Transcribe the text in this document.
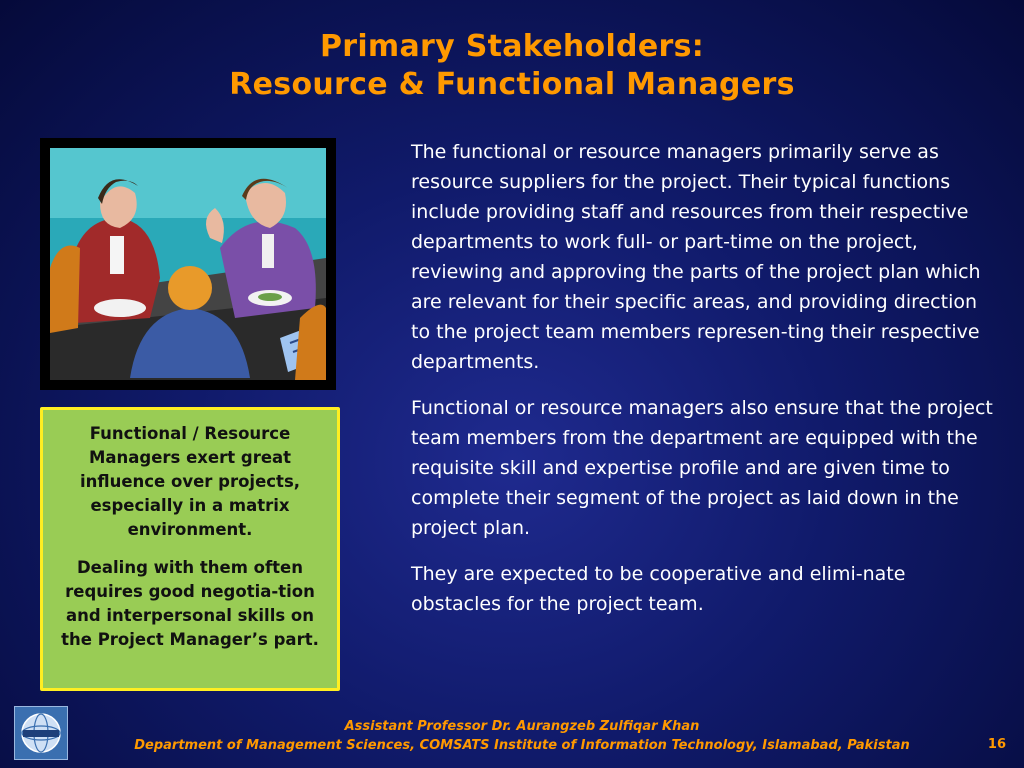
Primary Stakeholders:
Resource & Functional Managers

Functional / Resource Managers exert great influence over projects, especially in a matrix environment.

Dealing with them often requires good negotia-tion and interpersonal skills on the Project Manager’s part.

The functional or resource managers primarily serve as resource suppliers for the project. Their typical functions include providing staff and resources from their respective departments to work full- or part-time on the project, reviewing and approving the parts of the project plan which are relevant for their specific areas, and providing direction to the project team members represen-ting their respective departments.

Functional or resource managers also ensure that the project team members from the department are equipped with the requisite skill and expertise profile and are given time to complete their segment of the project as laid down in the project plan.

They are expected to be cooperative and elimi-nate obstacles for the project team.

Assistant Professor Dr. Aurangzeb Zulfiqar Khan
Department of Management Sciences, COMSATS Institute of Information Technology, Islamabad, Pakistan	16
